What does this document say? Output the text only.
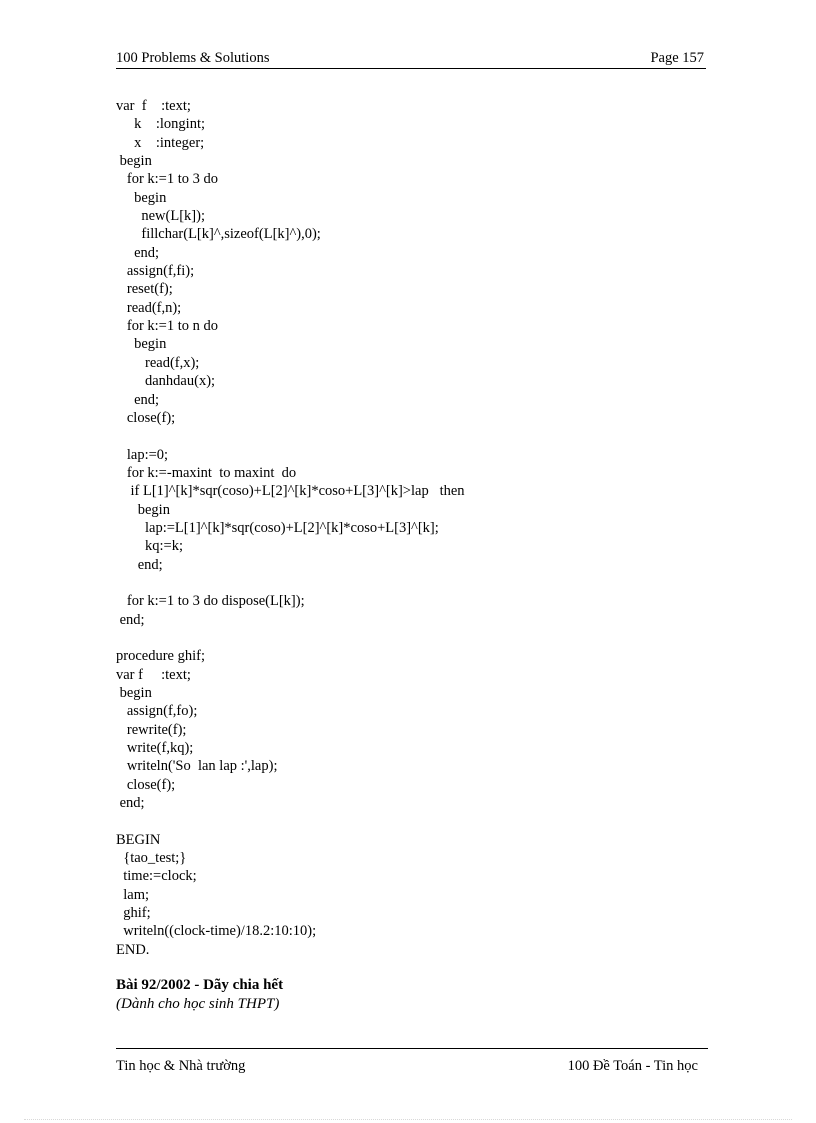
100 Problems & Solutions	Page 157
var  f    :text;
k    :longint;
x    :integer;
begin
for k:=1 to 3 do
begin
new(L[k]);
fillchar(L[k]^,sizeof(L[k]^),0);
end;
assign(f,fi);
reset(f);
read(f,n);
for k:=1 to n do
begin
read(f,x);
danhdau(x);
end;
close(f);
lap:=0;
for k:=-maxint  to maxint  do
if L[1]^[k]*sqr(coso)+L[2]^[k]*coso+L[3]^[k]>lap   then
begin
lap:=L[1]^[k]*sqr(coso)+L[2]^[k]*coso+L[3]^[k];
kq:=k;
end;
for k:=1 to 3 do dispose(L[k]);
end;
procedure ghif;
var f     :text;
begin
assign(f,fo);
rewrite(f);
write(f,kq);
writeln('So  lan lap :',lap);
close(f);
end;
BEGIN
{tao_test;}
time:=clock;
lam;
ghif;
writeln((clock-time)/18.2:10:10);
END.
Bài 92/2002 - Dãy chia hết
(Dành cho học sinh THPT)
Tin học & Nhà trường	100 Đề Toán - Tin học
